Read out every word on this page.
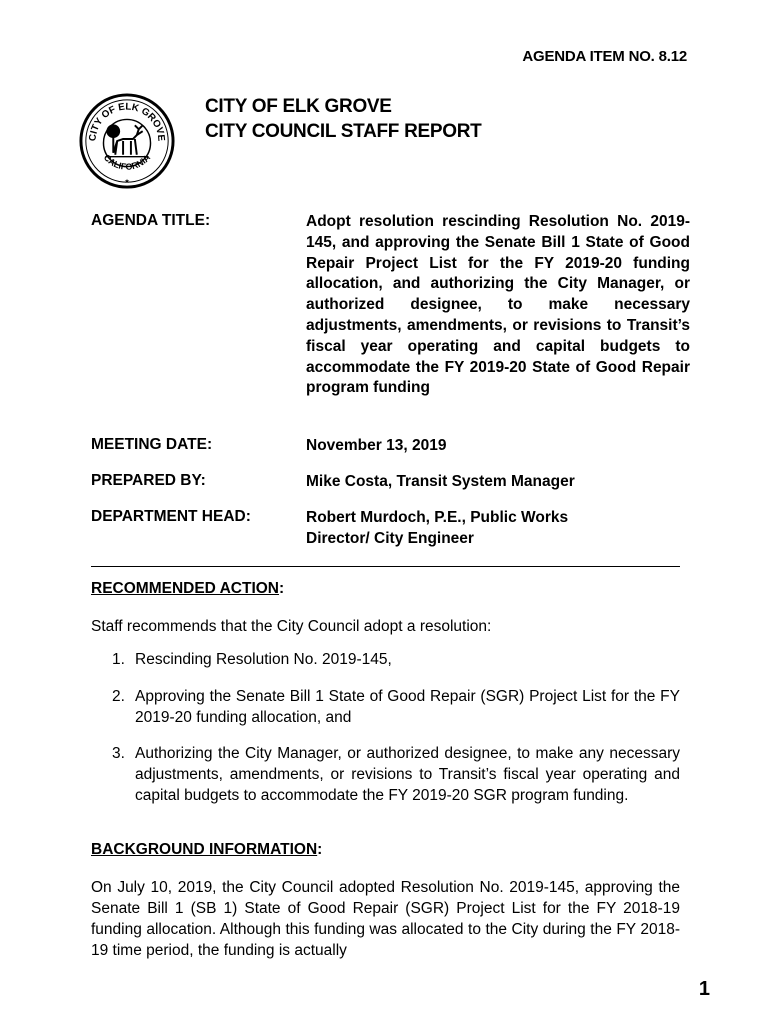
AGENDA ITEM NO. 8.12
CITY OF ELK GROVE
CALIFORNIA
★
CITY OF ELK GROVE
CITY COUNCIL STAFF REPORT
AGENDA TITLE:	Adopt resolution rescinding Resolution No. 2019-145, and approving the Senate Bill 1 State of Good Repair Project List for the FY 2019-20 funding allocation, and authorizing the City Manager, or authorized designee, to make necessary adjustments, amendments, or revisions to Transit’s fiscal year operating and capital budgets to accommodate the FY 2019-20 State of Good Repair program funding
MEETING DATE:	November 13, 2019
PREPARED BY:	Mike Costa, Transit System Manager
DEPARTMENT HEAD:	Robert Murdoch, P.E., Public Works Director/ City Engineer
RECOMMENDED ACTION:
Staff recommends that the City Council adopt a resolution:
1. Rescinding Resolution No. 2019-145,
2. Approving the Senate Bill 1 State of Good Repair (SGR) Project List for the FY 2019-20 funding allocation, and
3. Authorizing the City Manager, or authorized designee, to make any necessary adjustments, amendments, or revisions to Transit’s fiscal year operating and capital budgets to accommodate the FY 2019-20 SGR program funding.
BACKGROUND INFORMATION:
On July 10, 2019, the City Council adopted Resolution No. 2019-145, approving the Senate Bill 1 (SB 1) State of Good Repair (SGR) Project List for the FY 2018-19 funding allocation. Although this funding was allocated to the City during the FY 2018-19 time period, the funding is actually
1
